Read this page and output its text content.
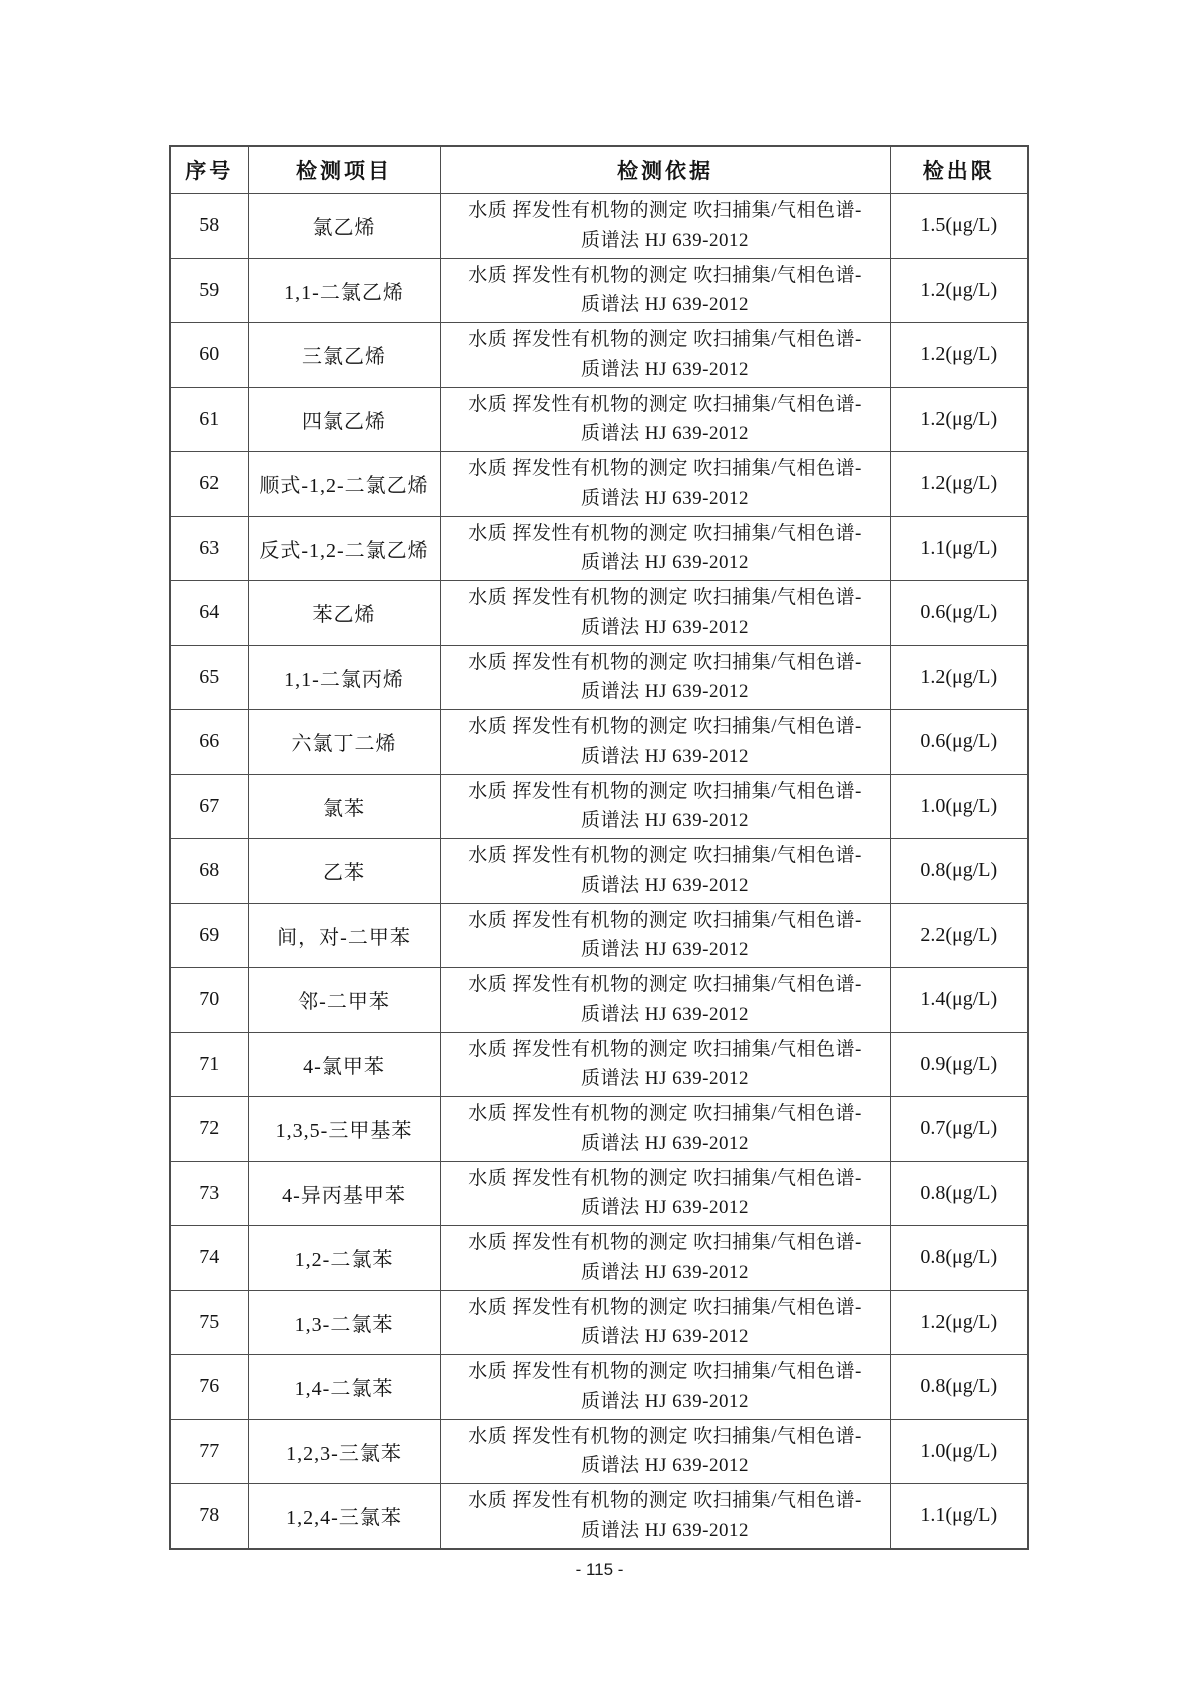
序号	检测项目	检测依据	检出限
58	氯乙烯	水质 挥发性有机物的测定 吹扫捕集/气相色谱-
质谱法 HJ 639-2012	1.5(μg/L)
59	1,1-二氯乙烯	水质 挥发性有机物的测定 吹扫捕集/气相色谱-
质谱法 HJ 639-2012	1.2(μg/L)
60	三氯乙烯	水质 挥发性有机物的测定 吹扫捕集/气相色谱-
质谱法 HJ 639-2012	1.2(μg/L)
61	四氯乙烯	水质 挥发性有机物的测定 吹扫捕集/气相色谱-
质谱法 HJ 639-2012	1.2(μg/L)
62	顺式-1,2-二氯乙烯	水质 挥发性有机物的测定 吹扫捕集/气相色谱-
质谱法 HJ 639-2012	1.2(μg/L)
63	反式-1,2-二氯乙烯	水质 挥发性有机物的测定 吹扫捕集/气相色谱-
质谱法 HJ 639-2012	1.1(μg/L)
64	苯乙烯	水质 挥发性有机物的测定 吹扫捕集/气相色谱-
质谱法 HJ 639-2012	0.6(μg/L)
65	1,1-二氯丙烯	水质 挥发性有机物的测定 吹扫捕集/气相色谱-
质谱法 HJ 639-2012	1.2(μg/L)
66	六氯丁二烯	水质 挥发性有机物的测定 吹扫捕集/气相色谱-
质谱法 HJ 639-2012	0.6(μg/L)
67	氯苯	水质 挥发性有机物的测定 吹扫捕集/气相色谱-
质谱法 HJ 639-2012	1.0(μg/L)
68	乙苯	水质 挥发性有机物的测定 吹扫捕集/气相色谱-
质谱法 HJ 639-2012	0.8(μg/L)
69	间，对-二甲苯	水质 挥发性有机物的测定 吹扫捕集/气相色谱-
质谱法 HJ 639-2012	2.2(μg/L)
70	邻-二甲苯	水质 挥发性有机物的测定 吹扫捕集/气相色谱-
质谱法 HJ 639-2012	1.4(μg/L)
71	4-氯甲苯	水质 挥发性有机物的测定 吹扫捕集/气相色谱-
质谱法 HJ 639-2012	0.9(μg/L)
72	1,3,5-三甲基苯	水质 挥发性有机物的测定 吹扫捕集/气相色谱-
质谱法 HJ 639-2012	0.7(μg/L)
73	4-异丙基甲苯	水质 挥发性有机物的测定 吹扫捕集/气相色谱-
质谱法 HJ 639-2012	0.8(μg/L)
74	1,2-二氯苯	水质 挥发性有机物的测定 吹扫捕集/气相色谱-
质谱法 HJ 639-2012	0.8(μg/L)
75	1,3-二氯苯	水质 挥发性有机物的测定 吹扫捕集/气相色谱-
质谱法 HJ 639-2012	1.2(μg/L)
76	1,4-二氯苯	水质 挥发性有机物的测定 吹扫捕集/气相色谱-
质谱法 HJ 639-2012	0.8(μg/L)
77	1,2,3-三氯苯	水质 挥发性有机物的测定 吹扫捕集/气相色谱-
质谱法 HJ 639-2012	1.0(μg/L)
78	1,2,4-三氯苯	水质 挥发性有机物的测定 吹扫捕集/气相色谱-
质谱法 HJ 639-2012	1.1(μg/L)
- 115 -
